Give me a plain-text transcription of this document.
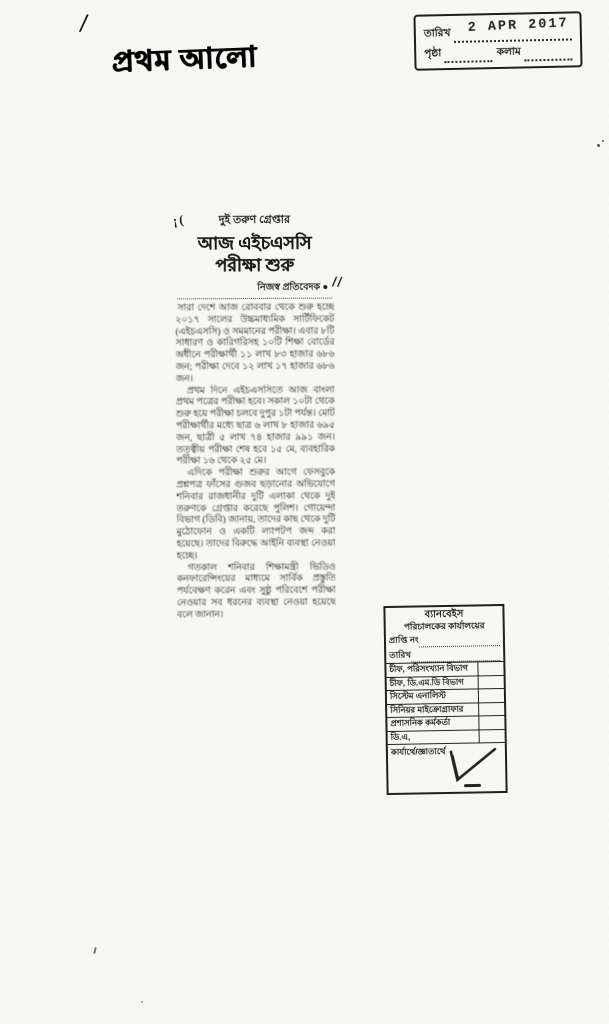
/
প্রথম আলো
তারিখ 2 APR 2017
পৃষ্ঠা	কলাম
¡(	দুই তরুণ গ্রেপ্তার
আজ এইচএসসি
পরীক্ষা শুরু
//
নিজস্ব প্রতিবেদক ●

সারা দেশে আজ রোববার থেকে শুরু হচ্ছে ২০১৭ সালের উচ্চমাধ্যমিক সার্টিফিকেট (এইচএসসি) ও সমমানের পরীক্ষা। এবার ৮টি সাধারণ ও কারিগরিসহ ১০টি শিক্ষা বোর্ডের অধীনে পরীক্ষার্থী ১১ লাখ ৮৩ হাজার ৬৮৬ জন; পরীক্ষা দেবে ১২ লাখ ১৭ হাজার ৬৮৬ জন।

প্রথম দিনে এইচএসসিতে আজ বাংলা প্রথম পত্রের পরীক্ষা হবে। সকাল ১০টা থেকে শুরু হয়ে পরীক্ষা চলবে দুপুর ১টা পর্যন্ত। মোট পরীক্ষার্থীর মধ্যে ছাত্র ৬ লাখ ৮ হাজার ৬৯৫ জন, ছাত্রী ৫ লাখ ৭৪ হাজার ৯৯১ জন। তত্ত্বীয় পরীক্ষা শেষ হবে ১৫ মে, ব্যবহারিক পরীক্ষা ১৬ থেকে ২৫ মে।

এদিকে পরীক্ষা শুরুর আগে ফেসবুকে প্রশ্নপত্র ফাঁসের গুজব ছড়ানোর অভিযোগে শনিবার রাজধানীর দুটি এলাকা থেকে দুই তরুণকে গ্রেপ্তার করেছে পুলিশ। গোয়েন্দা বিভাগ (ডিবি) জানায়, তাদের কাছ থেকে দুটি মুঠোফোন ও একটি ল্যাপটপ জব্দ করা হয়েছে। তাদের বিরুদ্ধে আইনি ব্যবস্থা নেওয়া হচ্ছে।

গতকাল শনিবার শিক্ষামন্ত্রী ভিডিও কনফারেন্সিংয়ের মাধ্যমে সার্বিক প্রস্তুতি পর্যবেক্ষণ করেন এবং সুষ্ঠু পরিবেশে পরীক্ষা নেওয়ার সব ধরনের ব্যবস্থা নেওয়া হয়েছে বলে জানান।	ব্যানবেইস
পরিচালকের কার্যালয়ের
প্রাপ্তি নং
তারিখ
চীফ, পরিসংখ্যান বিভাগ
চীফ, ডি.এম.ডি বিভাগ
সিস্টেম এনালিস্ট
সিনিয়র মাইক্রোগ্রাফার
প্রশাসনিক কর্মকর্তা
ডি.এ,
কার্যার্থে/জ্ঞাতার্থে
